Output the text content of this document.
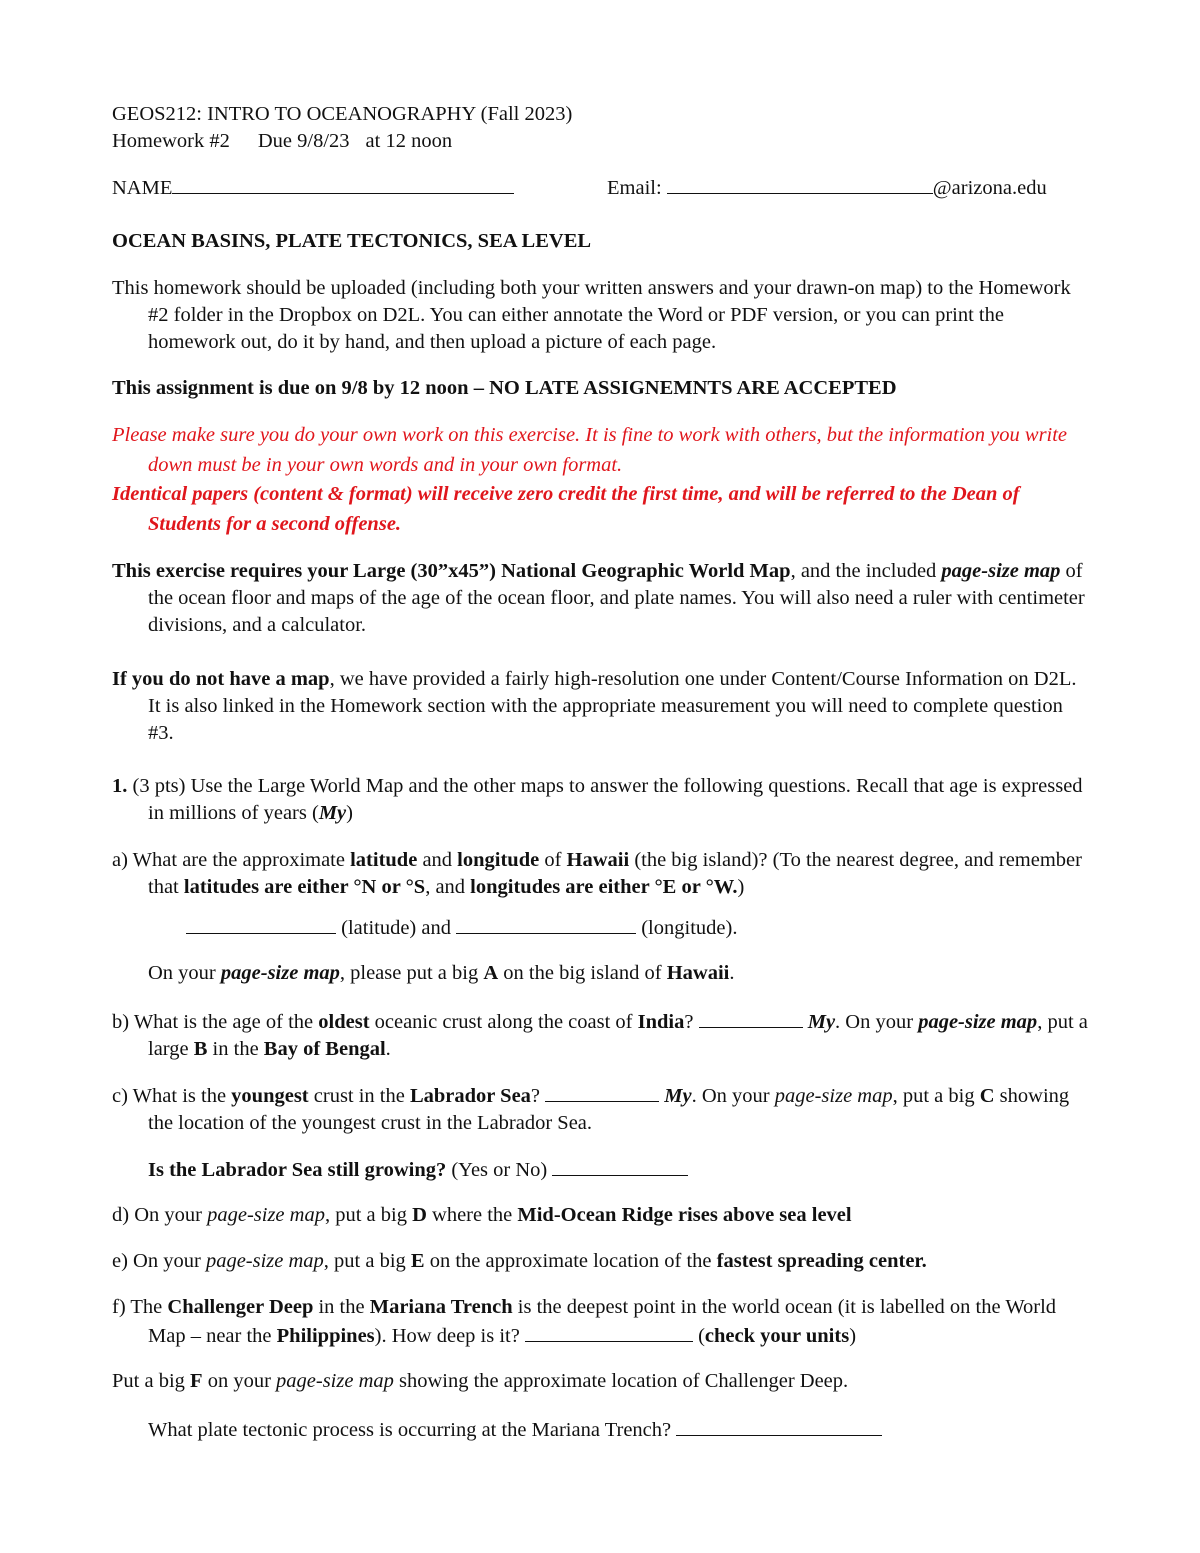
GEOS212: INTRO TO OCEANOGRAPHY (Fall 2023)

Homework #2 Due 9/8/23 at 12 noon

NAME	Email:	@arizona.edu

OCEAN BASINS, PLATE TECTONICS, SEA LEVEL

This homework should be uploaded (including both your written answers and your drawn-on map) to the Homework #2 folder in the Dropbox on D2L. You can either annotate the Word or PDF version, or you can print the homework out, do it by hand, and then upload a picture of each page.

This assignment is due on 9/8 by 12 noon – NO LATE ASSIGNEMNTS ARE ACCEPTED

Please make sure you do your own work on this exercise. It is fine to work with others, but the information you write down must be in your own words and in your own format.

Identical papers (content & format) will receive zero credit the first time, and will be referred to the Dean of Students for a second offense.

This exercise requires your Large (30”x45”) National Geographic World Map, and the included page-size map of the ocean floor and maps of the age of the ocean floor, and plate names. You will also need a ruler with centimeter divisions, and a calculator.

If you do not have a map, we have provided a fairly high-resolution one under Content/Course Information on D2L. It is also linked in the Homework section with the appropriate measurement you will need to complete question #3.

1. (3 pts) Use the Large World Map and the other maps to answer the following questions. Recall that age is expressed in millions of years (My)

a) What are the approximate latitude and longitude of Hawaii (the big island)? (To the nearest degree, and remember that latitudes are either °N or °S, and longitudes are either °E or °W.)

(latitude) and	(longitude).

On your page-size map, please put a big A on the big island of Hawaii.

b) What is the age of the oldest oceanic crust along the coast of India?	My. On your page-size map, put a large B in the Bay of Bengal.

c) What is the youngest crust in the Labrador Sea?	My. On your page-size map, put a big C showing the location of the youngest crust in the Labrador Sea.

Is the Labrador Sea still growing? (Yes or No)

d) On your page-size map, put a big D where the Mid-Ocean Ridge rises above sea level

e) On your page-size map, put a big E on the approximate location of the fastest spreading center.

f) The Challenger Deep in the Mariana Trench is the deepest point in the world ocean (it is labelled on the World Map – near the Philippines). How deep is it?	(check your units)

Put a big F on your page-size map showing the approximate location of Challenger Deep.

What plate tectonic process is occurring at the Mariana Trench?
